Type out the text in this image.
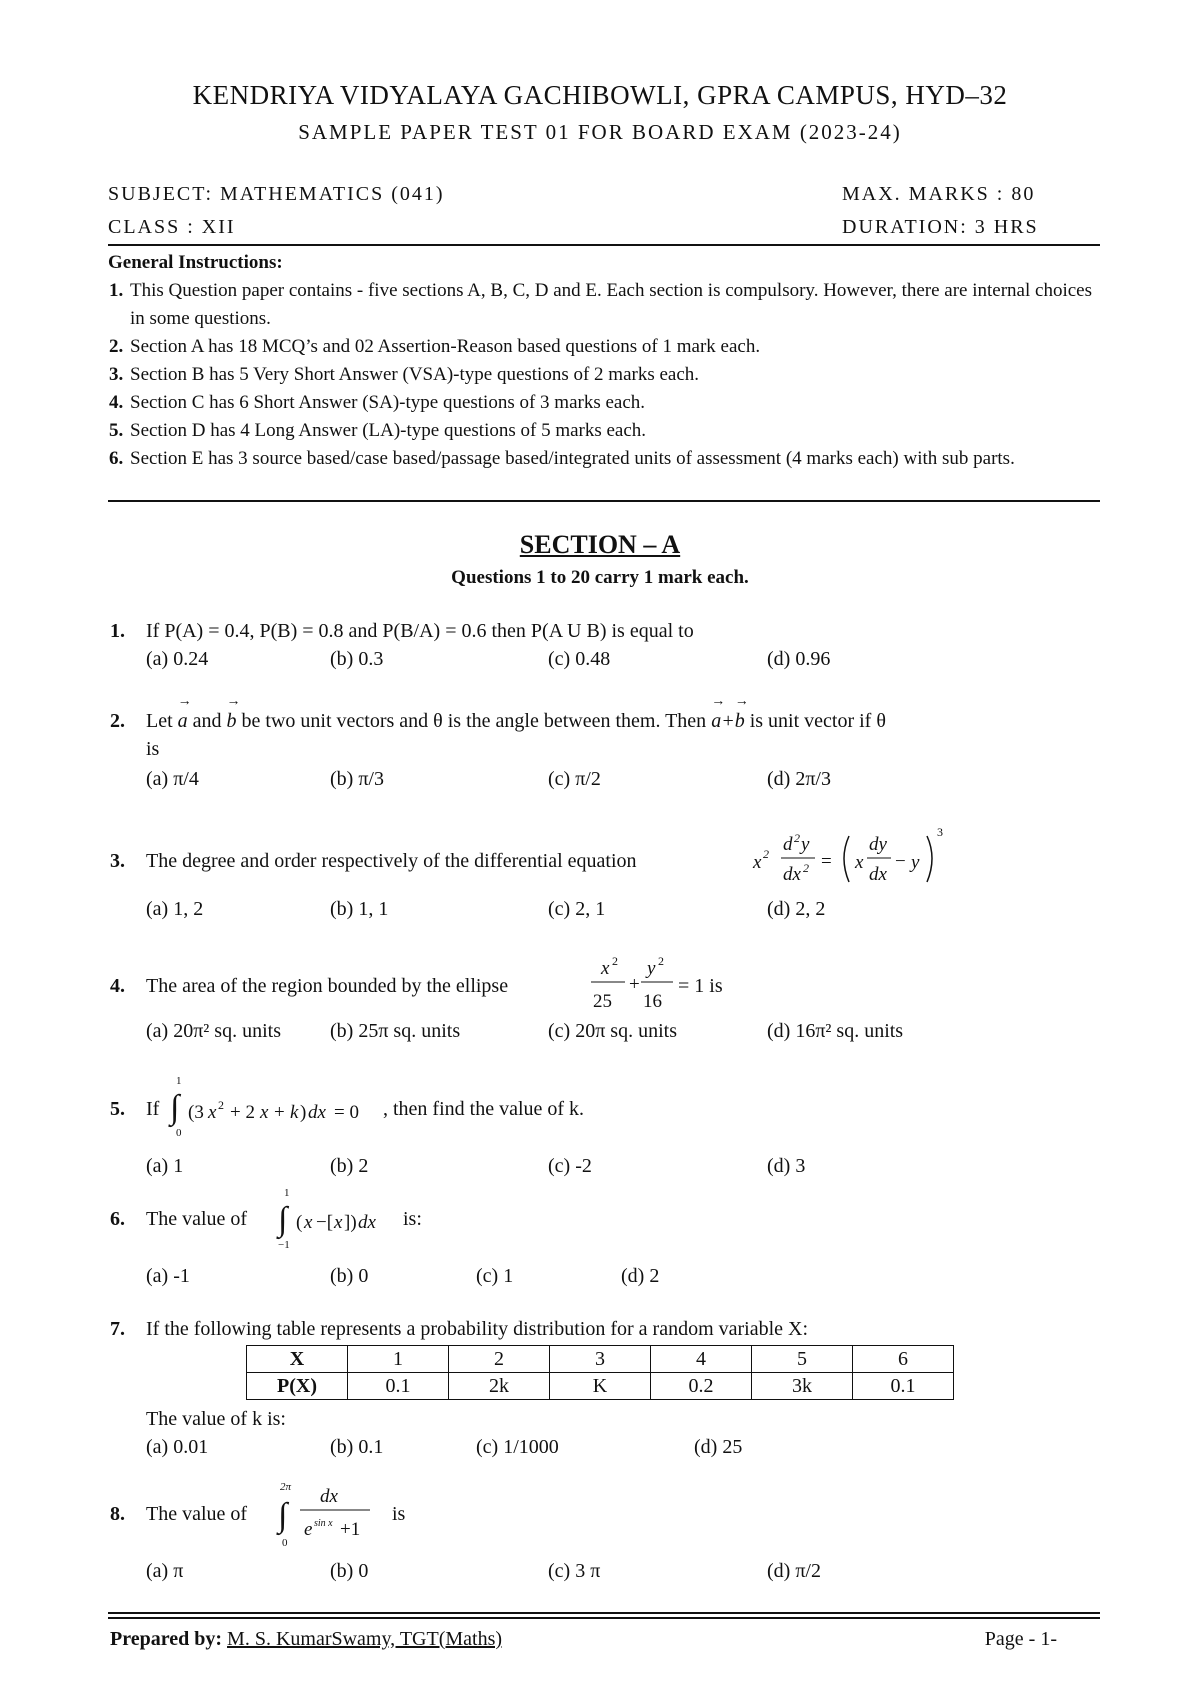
KENDRIYA VIDYALAYA GACHIBOWLI, GPRA CAMPUS, HYD–32
SAMPLE PAPER TEST 01 FOR BOARD EXAM (2023-24)
SUBJECT: MATHEMATICS (041)	MAX. MARKS : 80
CLASS : XII	DURATION: 3 HRS
General Instructions:
1. This Question paper contains - five sections A, B, C, D and E. Each section is compulsory. However, there are internal choices in some questions.
2. Section A has 18 MCQ’s and 02 Assertion-Reason based questions of 1 mark each.
3. Section B has 5 Very Short Answer (VSA)-type questions of 2 marks each.
4. Section C has 6 Short Answer (SA)-type questions of 3 marks each.
5. Section D has 4 Long Answer (LA)-type questions of 5 marks each.
6. Section E has 3 source based/case based/passage based/integrated units of assessment (4 marks each) with sub parts.
SECTION – A
Questions 1 to 20 carry 1 mark each.
1. If P(A) = 0.4, P(B) = 0.8 and P(B/A) = 0.6 then P(A U B) is equal to
(a) 0.24	(b) 0.3	(c) 0.48	(d) 0.96
2. Let
→
a and
→
b be two unit vectors and θ is the angle between them. Then
→
a+
→
b is unit vector if θ
is
(a) π/4	(b) π/3	(c) π/2	(d) 2π/3
3. The degree and order respectively of the differential equation	x 2 d 2 y
dx 2 = x
dy
dx
− y
3
(a) 1, 2	(b) 1, 1	(c) 2, 1	(d) 2, 2
4. The area of the region bounded by the ellipse
x 2
25
+
y 2
16
= 1 is
(a) 20π² sq. units (b) 25π sq. units	(c) 20π sq. units	(d) 16π² sq. units
5. If
1
∫
0
(3 x 2 + 2 x + k ) dx = 0 , then find the value of k.
(a) 1	(b) 2	(c) -2	(d) 3
6. The value of
1
∫
−1
( x −[ x ]) dx is:
(a) -1	(b) 0	(c) 1	(d) 2
7. If the following table represents a probability distribution for a random variable X:
X	1	2	3	4	5	6
P(X)	0.1	2k	K	0.2	3k	0.1
The value of k is:
(a) 0.01	(b) 0.1	(c) 1/1000	(d) 25
8. The value of
2π
∫
0
dx
e sin x +1
is
(a) π	(b) 0	(c) 3 π	(d) π/2
Prepared by: M. S. KumarSwamy, TGT(Maths)	Page - 1-
